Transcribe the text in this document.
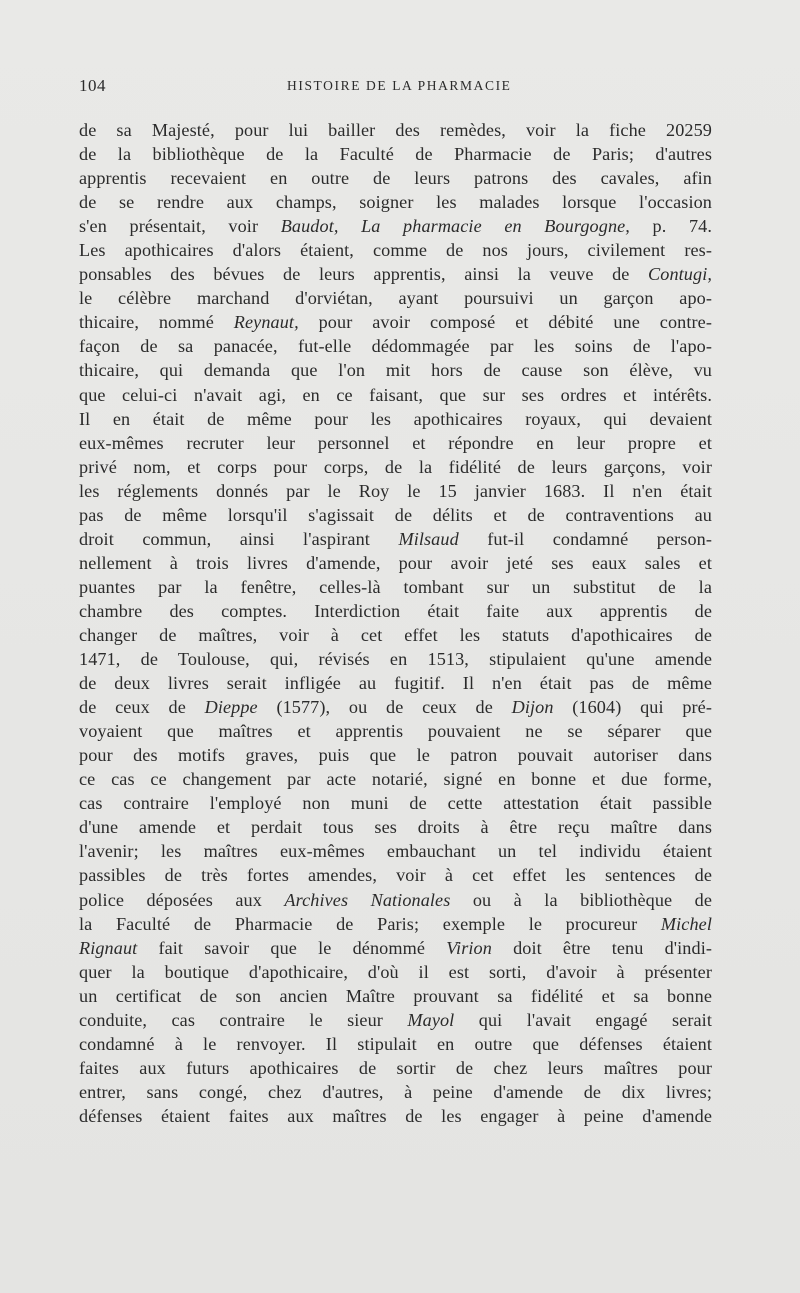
104	HISTOIRE DE LA PHARMACIE
de sa Majesté, pour lui bailler des remèdes, voir la fiche 20259
de la bibliothèque de la Faculté de Pharmacie de Paris; d'autres
apprentis recevaient en outre de leurs patrons des cavales, afin
de se rendre aux champs, soigner les malades lorsque l'occasion
s'en présentait, voir Baudot, La pharmacie en Bourgogne, p. 74.
Les apothicaires d'alors étaient, comme de nos jours, civilement res-
ponsables des bévues de leurs apprentis, ainsi la veuve de Contugi,
le célèbre marchand d'orviétan, ayant poursuivi un garçon apo-
thicaire, nommé Reynaut, pour avoir composé et débité une contre-
façon de sa panacée, fut-elle dédommagée par les soins de l'apo-
thicaire, qui demanda que l'on mit hors de cause son élève, vu
que celui-ci n'avait agi, en ce faisant, que sur ses ordres et intérêts.
Il en était de même pour les apothicaires royaux, qui devaient
eux-mêmes recruter leur personnel et répondre en leur propre et
privé nom, et corps pour corps, de la fidélité de leurs garçons, voir
les réglements donnés par le Roy le 15 janvier 1683. Il n'en était
pas de même lorsqu'il s'agissait de délits et de contraventions au
droit commun, ainsi l'aspirant Milsaud fut-il condamné person-
nellement à trois livres d'amende, pour avoir jeté ses eaux sales et
puantes par la fenêtre, celles-là tombant sur un substitut de la
chambre des comptes. Interdiction était faite aux apprentis de
changer de maîtres, voir à cet effet les statuts d'apothicaires de
1471, de Toulouse, qui, révisés en 1513, stipulaient qu'une amende
de deux livres serait infligée au fugitif. Il n'en était pas de même
de ceux de Dieppe (1577), ou de ceux de Dijon (1604) qui pré-
voyaient que maîtres et apprentis pouvaient ne se séparer que
pour des motifs graves, puis que le patron pouvait autoriser dans
ce cas ce changement par acte notarié, signé en bonne et due forme,
cas contraire l'employé non muni de cette attestation était passible
d'une amende et perdait tous ses droits à être reçu maître dans
l'avenir; les maîtres eux-mêmes embauchant un tel individu étaient
passibles de très fortes amendes, voir à cet effet les sentences de
police déposées aux Archives Nationales ou à la bibliothèque de
la Faculté de Pharmacie de Paris; exemple le procureur Michel
Rignaut fait savoir que le dénommé Virion doit être tenu d'indi-
quer la boutique d'apothicaire, d'où il est sorti, d'avoir à présenter
un certificat de son ancien Maître prouvant sa fidélité et sa bonne
conduite, cas contraire le sieur Mayol qui l'avait engagé serait
condamné à le renvoyer. Il stipulait en outre que défenses étaient
faites aux futurs apothicaires de sortir de chez leurs maîtres pour
entrer, sans congé, chez d'autres, à peine d'amende de dix livres;
défenses étaient faites aux maîtres de les engager à peine d'amende
